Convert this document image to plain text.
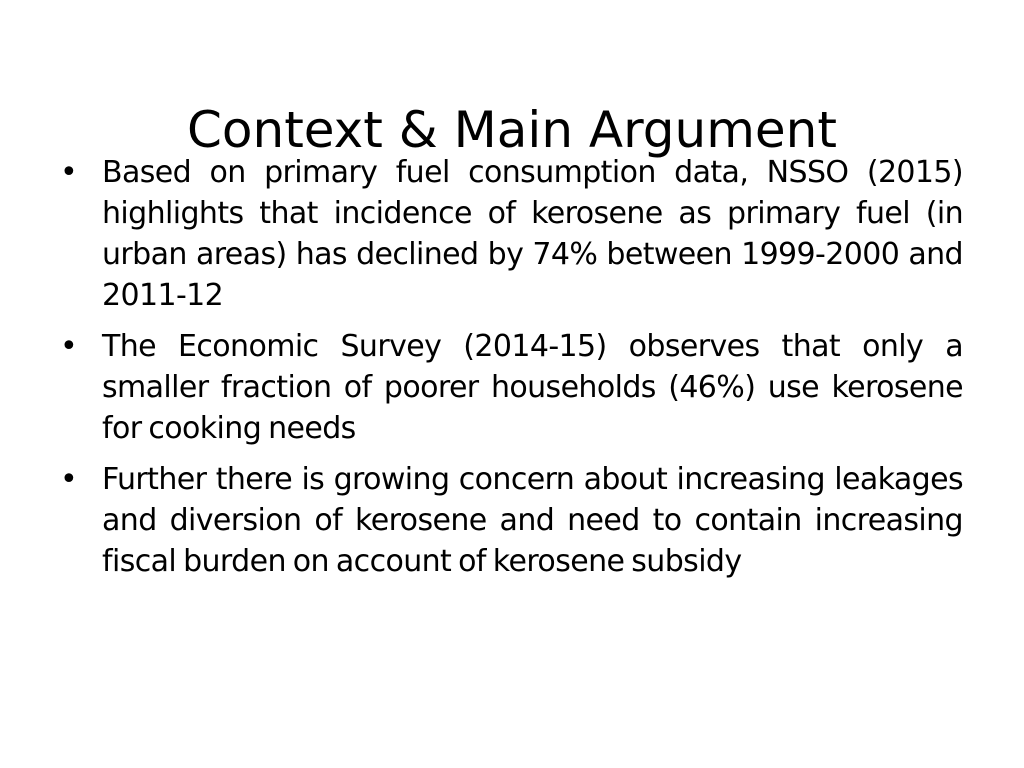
Context & Main Argument
• Based on primary fuel consumption data, NSSO (2015) highlights that incidence of kerosene as primary fuel (in urban areas) has declined by 74% between 1999-2000 and 2011-12
• The Economic Survey (2014-15) observes that only a smaller fraction of poorer households (46%) use kerosene for cooking needs
• Further there is growing concern about increasing leakages and diversion of kerosene and need to contain increasing fiscal burden on account of kerosene subsidy
